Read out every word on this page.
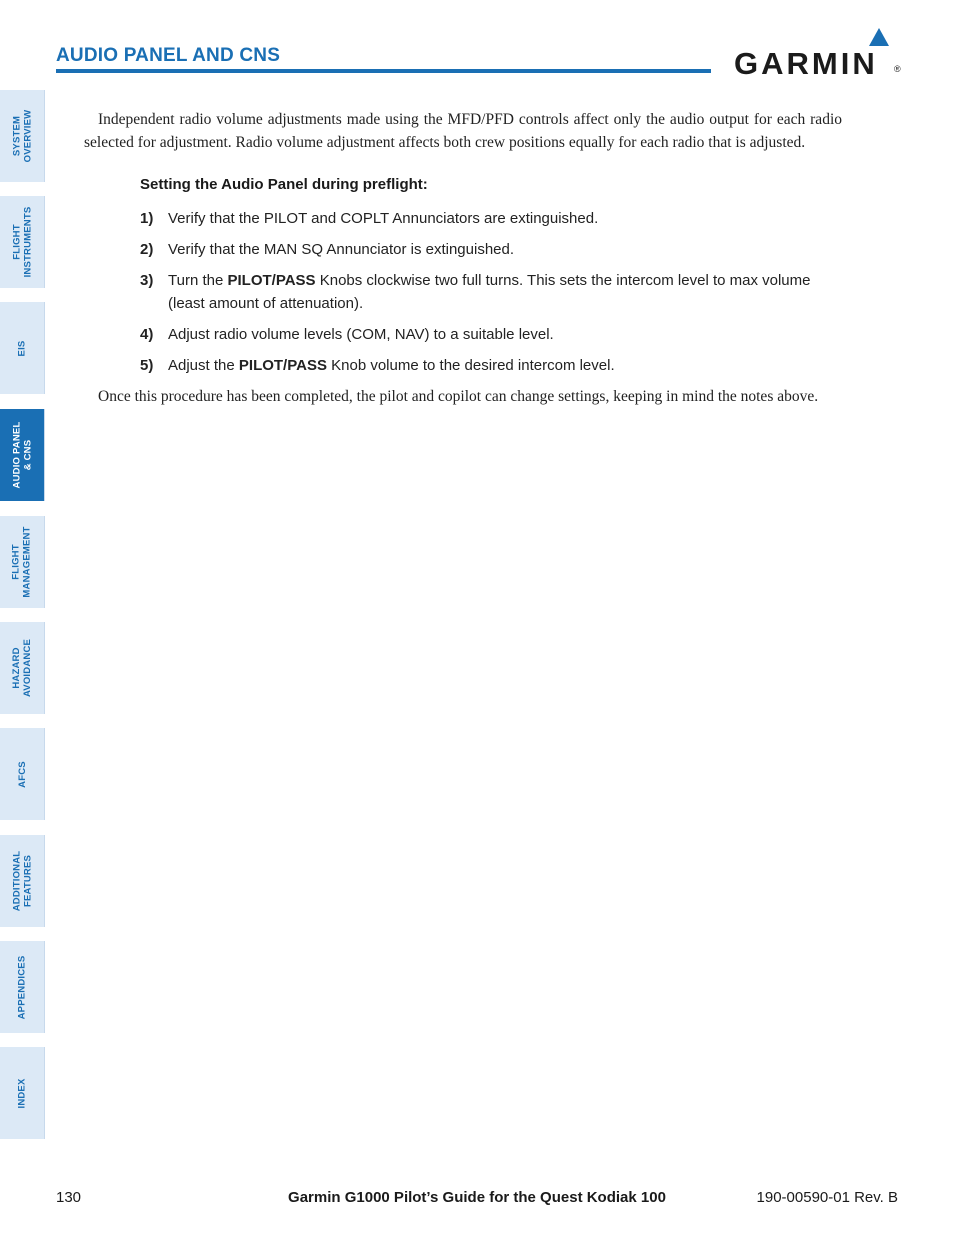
AUDIO PANEL AND CNS	GARMIN ®
SYSTEM
OVERVIEW
FLIGHT
INSTRUMENTS
EIS
AUDIO PANEL
& CNS
FLIGHT
MANAGEMENT
HAZARD
AVOIDANCE
AFCS
ADDITIONAL
FEATURES
APPENDICES
INDEX

Independent radio volume adjustments made using the MFD/PFD controls affect only the audio output for each radio selected for adjustment. Radio volume adjustment affects both crew positions equally for each radio that is adjusted.

Setting the Audio Panel during preflight:
1) Verify that the PILOT and COPLT Annunciators are extinguished.
2) Verify that the MAN SQ Annunciator is extinguished.
3) Turn the PILOT/PASS Knobs clockwise two full turns. This sets the intercom level to max volume (least amount of attenuation).
4) Adjust radio volume levels (COM, NAV) to a suitable level.
5) Adjust the PILOT/PASS Knob volume to the desired intercom level.

Once this procedure has been completed, the pilot and copilot can change settings, keeping in mind the notes above.

130	Garmin G1000 Pilot’s Guide for the Quest Kodiak 100	190-00590-01 Rev. B
